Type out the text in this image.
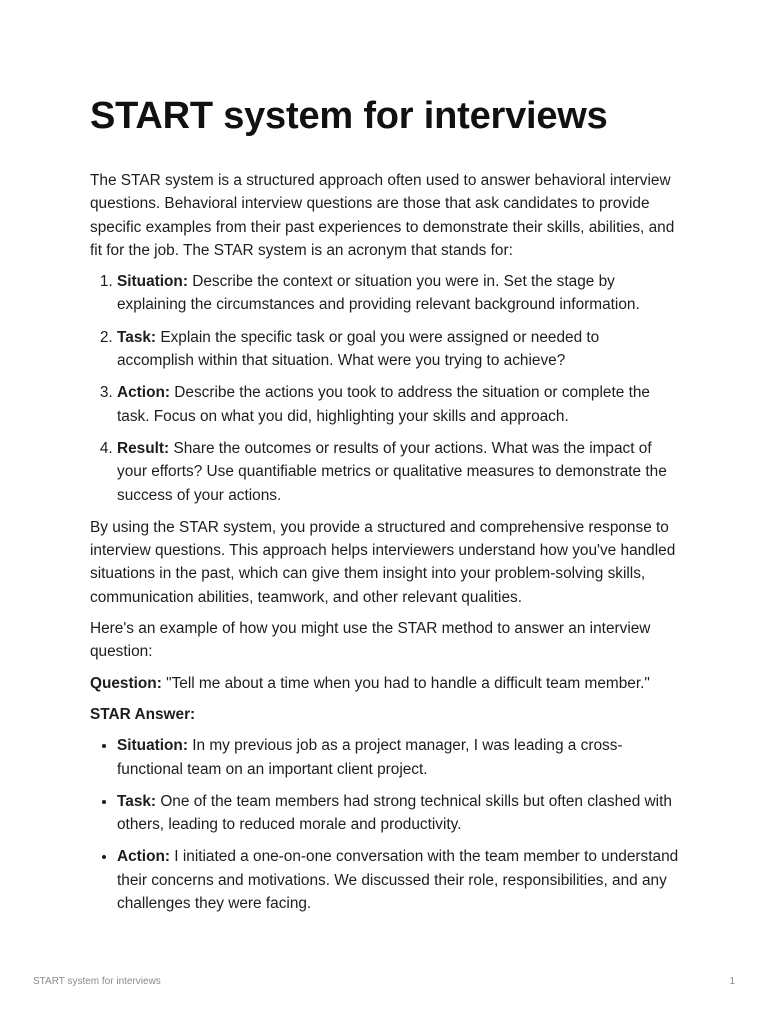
START system for interviews

The STAR system is a structured approach often used to answer behavioral interview questions. Behavioral interview questions are those that ask candidates to provide specific examples from their past experiences to demonstrate their skills, abilities, and fit for the job. The STAR system is an acronym that stands for:

1. Situation: Describe the context or situation you were in. Set the stage by explaining the circumstances and providing relevant background information.
2. Task: Explain the specific task or goal you were assigned or needed to accomplish within that situation. What were you trying to achieve?
3. Action: Describe the actions you took to address the situation or complete the task. Focus on what you did, highlighting your skills and approach.
4. Result: Share the outcomes or results of your actions. What was the impact of your efforts? Use quantifiable metrics or qualitative measures to demonstrate the success of your actions.

By using the STAR system, you provide a structured and comprehensive response to interview questions. This approach helps interviewers understand how you've handled situations in the past, which can give them insight into your problem-solving skills, communication abilities, teamwork, and other relevant qualities.

Here's an example of how you might use the STAR method to answer an interview question:

Question: "Tell me about a time when you had to handle a difficult team member."

STAR Answer:

• Situation: In my previous job as a project manager, I was leading a cross-functional team on an important client project.
• Task: One of the team members had strong technical skills but often clashed with others, leading to reduced morale and productivity.
• Action: I initiated a one-on-one conversation with the team member to understand their concerns and motivations. We discussed their role, responsibilities, and any challenges they were facing.
START system for interviews	1
